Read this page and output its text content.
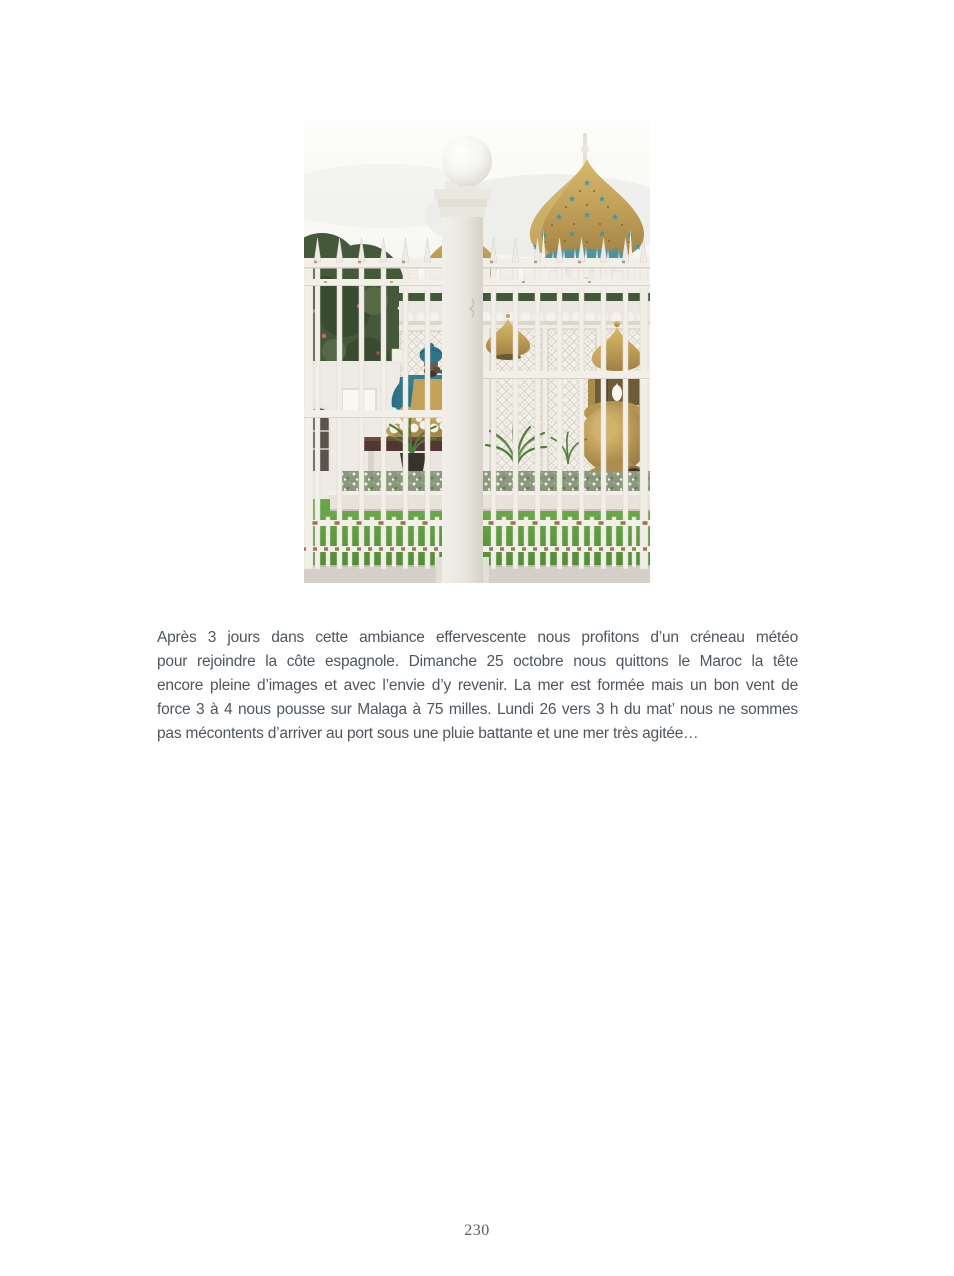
Après 3 jours dans cette ambiance effervescente nous profitons d’un créneau météo
pour rejoindre la côte espagnole. Dimanche 25 octobre nous quittons le Maroc la tête
encore pleine d’images et avec l’envie d’y revenir. La mer est formée mais un bon vent de
force 3 à 4 nous pousse sur Malaga à 75 milles. Lundi 26 vers 3 h du mat’ nous ne sommes
pas mécontents d’arriver au port sous une pluie battante et une mer très agitée…
230
